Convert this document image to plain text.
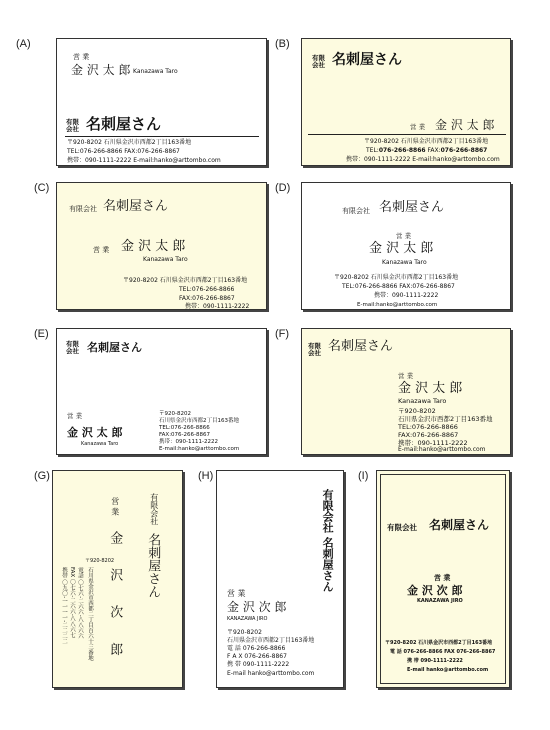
(A)
営 業
金 沢 太 郎 Kanazawa Taro
有限
会社 名刺屋さん
〒920-8202 石川県金沢市西都2丁目163番地
TEL:076-266-8866 FAX:076-266-8867
携帯：090-1111-2222 E-mail:hanko@arttombo.com
(B)
有限
会社 名刺屋さん
営 業 金 沢 太 郎
〒920-8202 石川県金沢市西都2丁目163番地
TEL:076-266-8866 FAX:076-266-8867
携帯：090-1111-2222 E-mail:hanko@arttombo.com
(C)
有限会社 名刺屋さん
営 業 金 沢 太 郎
Kanazawa Taro
〒920-8202 石川県金沢市西都2丁目163番地
TEL:076-266-8866
FAX:076-266-8867
携帯：090-1111-2222
(D)
有限会社 名刺屋さん
営 業
金 沢 太 郎
Kanazawa Taro
〒920-8202 石川県金沢市西都2丁目163番地
TEL:076-266-8866 FAX:076-266-8867
携帯：090-1111-2222
E-mail:hanko@arttombo.com
(E)
有限
会社 名刺屋さん
営 業
金 沢 太 郎
Kanazawa Taro
〒920-8202
石川県金沢市西都2丁目163番地
TEL:076-266-8866
FAX:076-266-8867
携帯：090-1111-2222
E-mail:hanko@arttombo.com
(F)
有限
会社 名刺屋さん
営 業
金 沢 太 郎
Kanazawa Taro
〒920-8202
石川県金沢市西都2丁目163番地
TEL:076-266-8866
FAX:076-266-8867
携帯：090-1111-2222
E-mail:hanko@arttombo.com
(G)
有限会社
名刺屋さん
営 業
金 沢 次 郎
〒920-8202
石川県金沢市西都二丁目百六十三番地
電話 〇七六-二六六-八八六六
FAX 〇七六-二六六-八八六七
携帯 〇九〇-一一一一-二二二二
(H)
有限会社 名刺屋さん
営 業
金 沢 次 郎
KANAZAWA JIRO
〒920-8202
石川県金沢市西都2丁目163番地
電 話 076-266-8866
F A X 076-266-8867
携 帯 090-1111-2222
E-mail hanko@arttombo.com
(I)
有限会社 名刺屋さん
営 業
金 沢 次 郎
KANAZAWA JIRO
〒920-8202 石川県金沢市西都2丁目163番地
電 話 076-266-8866 FAX 076-266-8867
携 帯 090-1111-2222
E-mail hanko@arttombo.com
